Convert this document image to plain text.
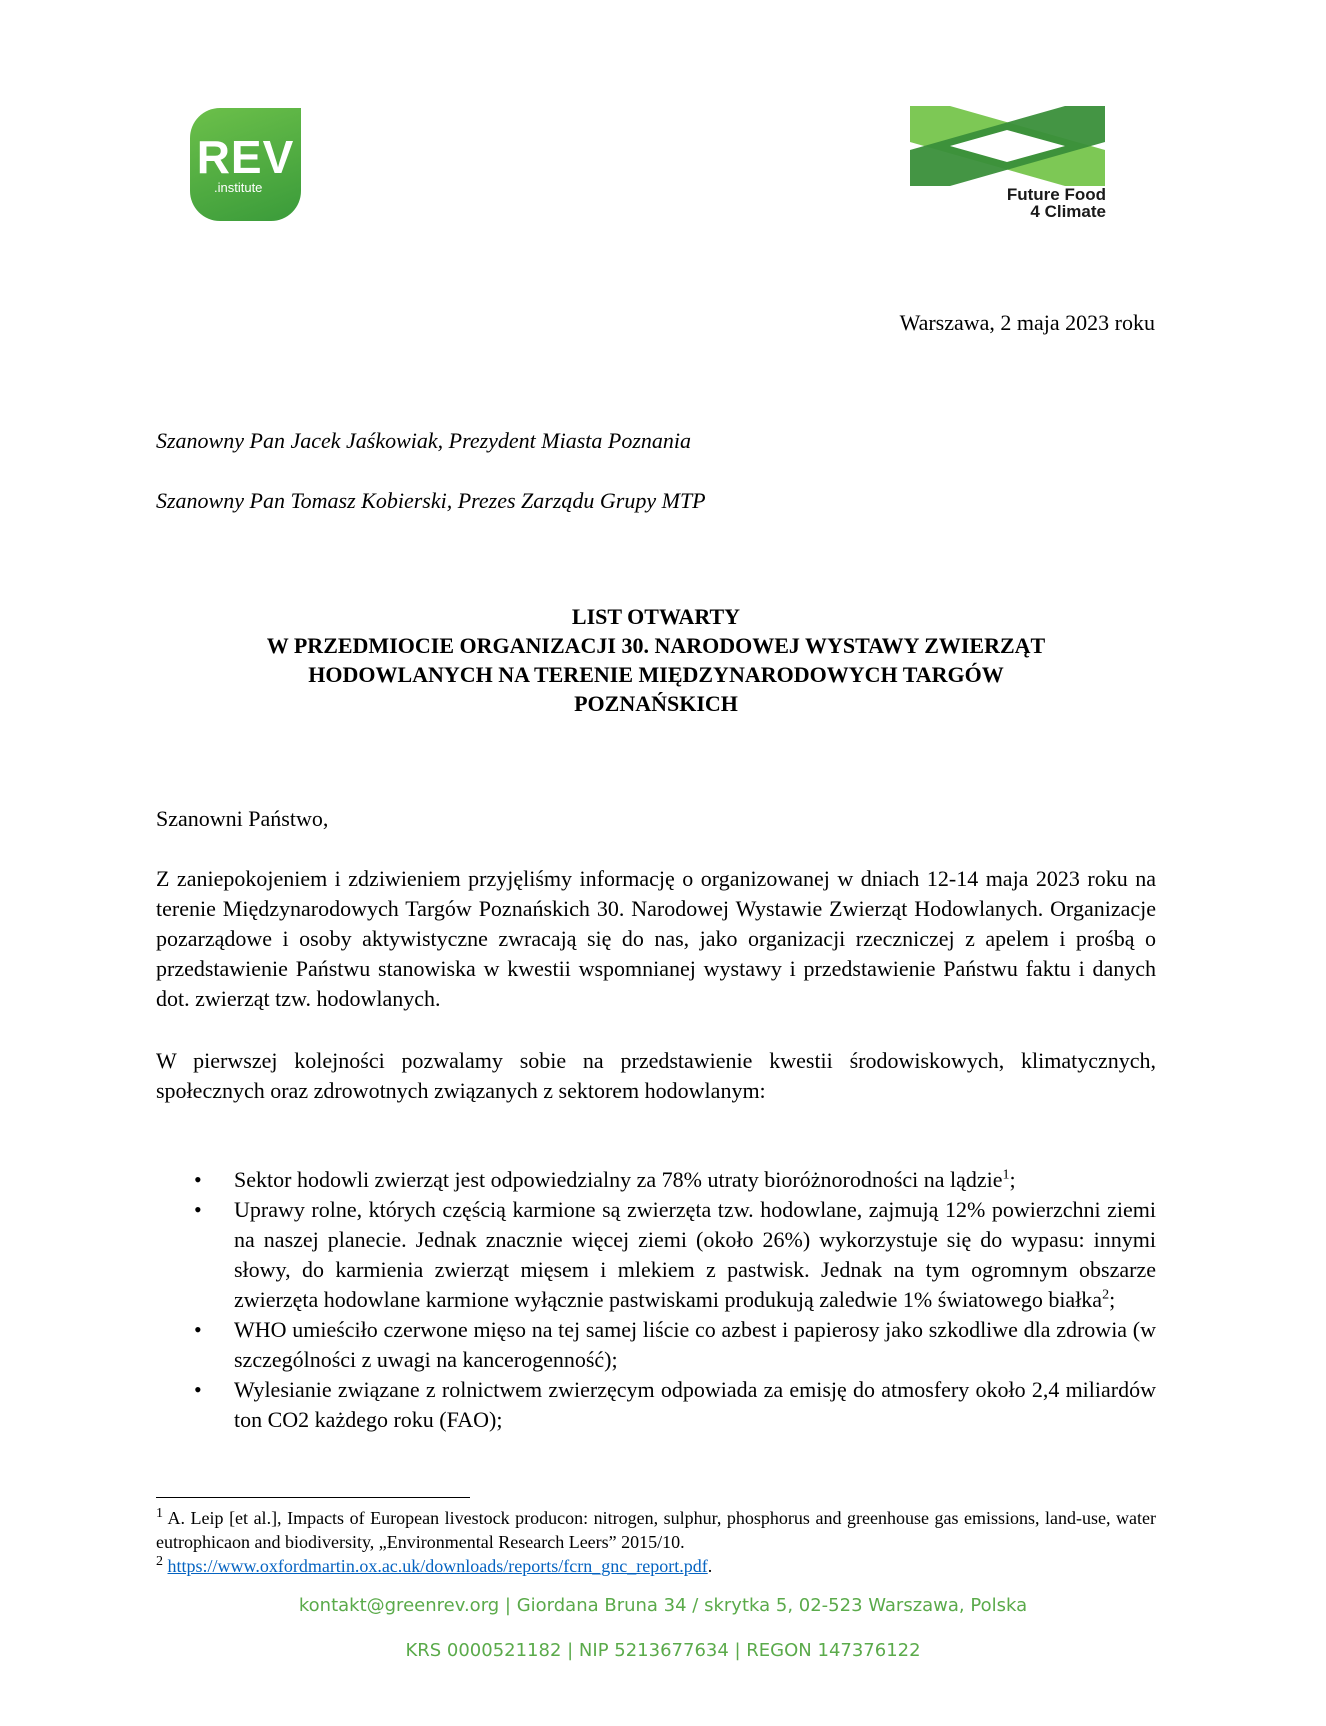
REV
.institute	Future Food
4 Climate
Warszawa, 2 maja 2023 roku
Szanowny Pan Jacek Jaśkowiak, Prezydent Miasta Poznania
Szanowny Pan Tomasz Kobierski, Prezes Zarządu Grupy MTP
LIST OTWARTY
W PRZEDMIOCIE ORGANIZACJI 30. NARODOWEJ WYSTAWY ZWIERZĄT
HODOWLANYCH NA TERENIE MIĘDZYNARODOWYCH TARGÓW
POZNAŃSKICH
Szanowni Państwo,
Z zaniepokojeniem i zdziwieniem przyjęliśmy informację o organizowanej w dniach 12-14 maja 2023 roku na terenie Międzynarodowych Targów Poznańskich 30. Narodowej Wystawie Zwierząt Hodowlanych. Organizacje pozarządowe i osoby aktywistyczne zwracają się do nas, jako organizacji rzeczniczej z apelem i prośbą o przedstawienie Państwu stanowiska w kwestii wspomnianej wystawy i przedstawienie Państwu faktu i danych dot. zwierząt tzw. hodowlanych.
W pierwszej kolejności pozwalamy sobie na przedstawienie kwestii środowiskowych, klimatycznych, społecznych oraz zdrowotnych związanych z sektorem hodowlanym:
• Sektor hodowli zwierząt jest odpowiedzialny za 78% utraty bioróżnorodności na lądzie$^1$;
• Uprawy rolne, których częścią karmione są zwierzęta tzw. hodowlane, zajmują 12% powierzchni ziemi na naszej planecie. Jednak znacznie więcej ziemi (około 26%) wykorzystuje się do wypasu: innymi słowy, do karmienia zwierząt mięsem i mlekiem z pastwisk. Jednak na tym ogromnym obszarze zwierzęta hodowlane karmione wyłącznie pastwiskami produkują zaledwie 1% światowego białka$^2$;
• WHO umieściło czerwone mięso na tej samej liście co azbest i papierosy jako szkodliwe dla zdrowia (w szczególności z uwagi na kancerogenność);
• Wylesianie związane z rolnictwem zwierzęcym odpowiada za emisję do atmosfery około 2,4 miliardów ton CO2 każdego roku (FAO);
$^1$ A. Leip [et al.], Impacts of European livestock producon: nitrogen, sulphur, phosphorus and greenhouse gas emissions, land-use, water eutrophicaon and biodiversity, „Environmental Research Leers” 2015/10.
$^2$ https://www.oxfordmartin.ox.ac.uk/downloads/reports/fcrn_gnc_report.pdf.
kontakt@greenrev.org | Giordana Bruna 34 / skrytka 5, 02-523 Warszawa, Polska
KRS 0000521182 | NIP 5213677634 | REGON 147376122
